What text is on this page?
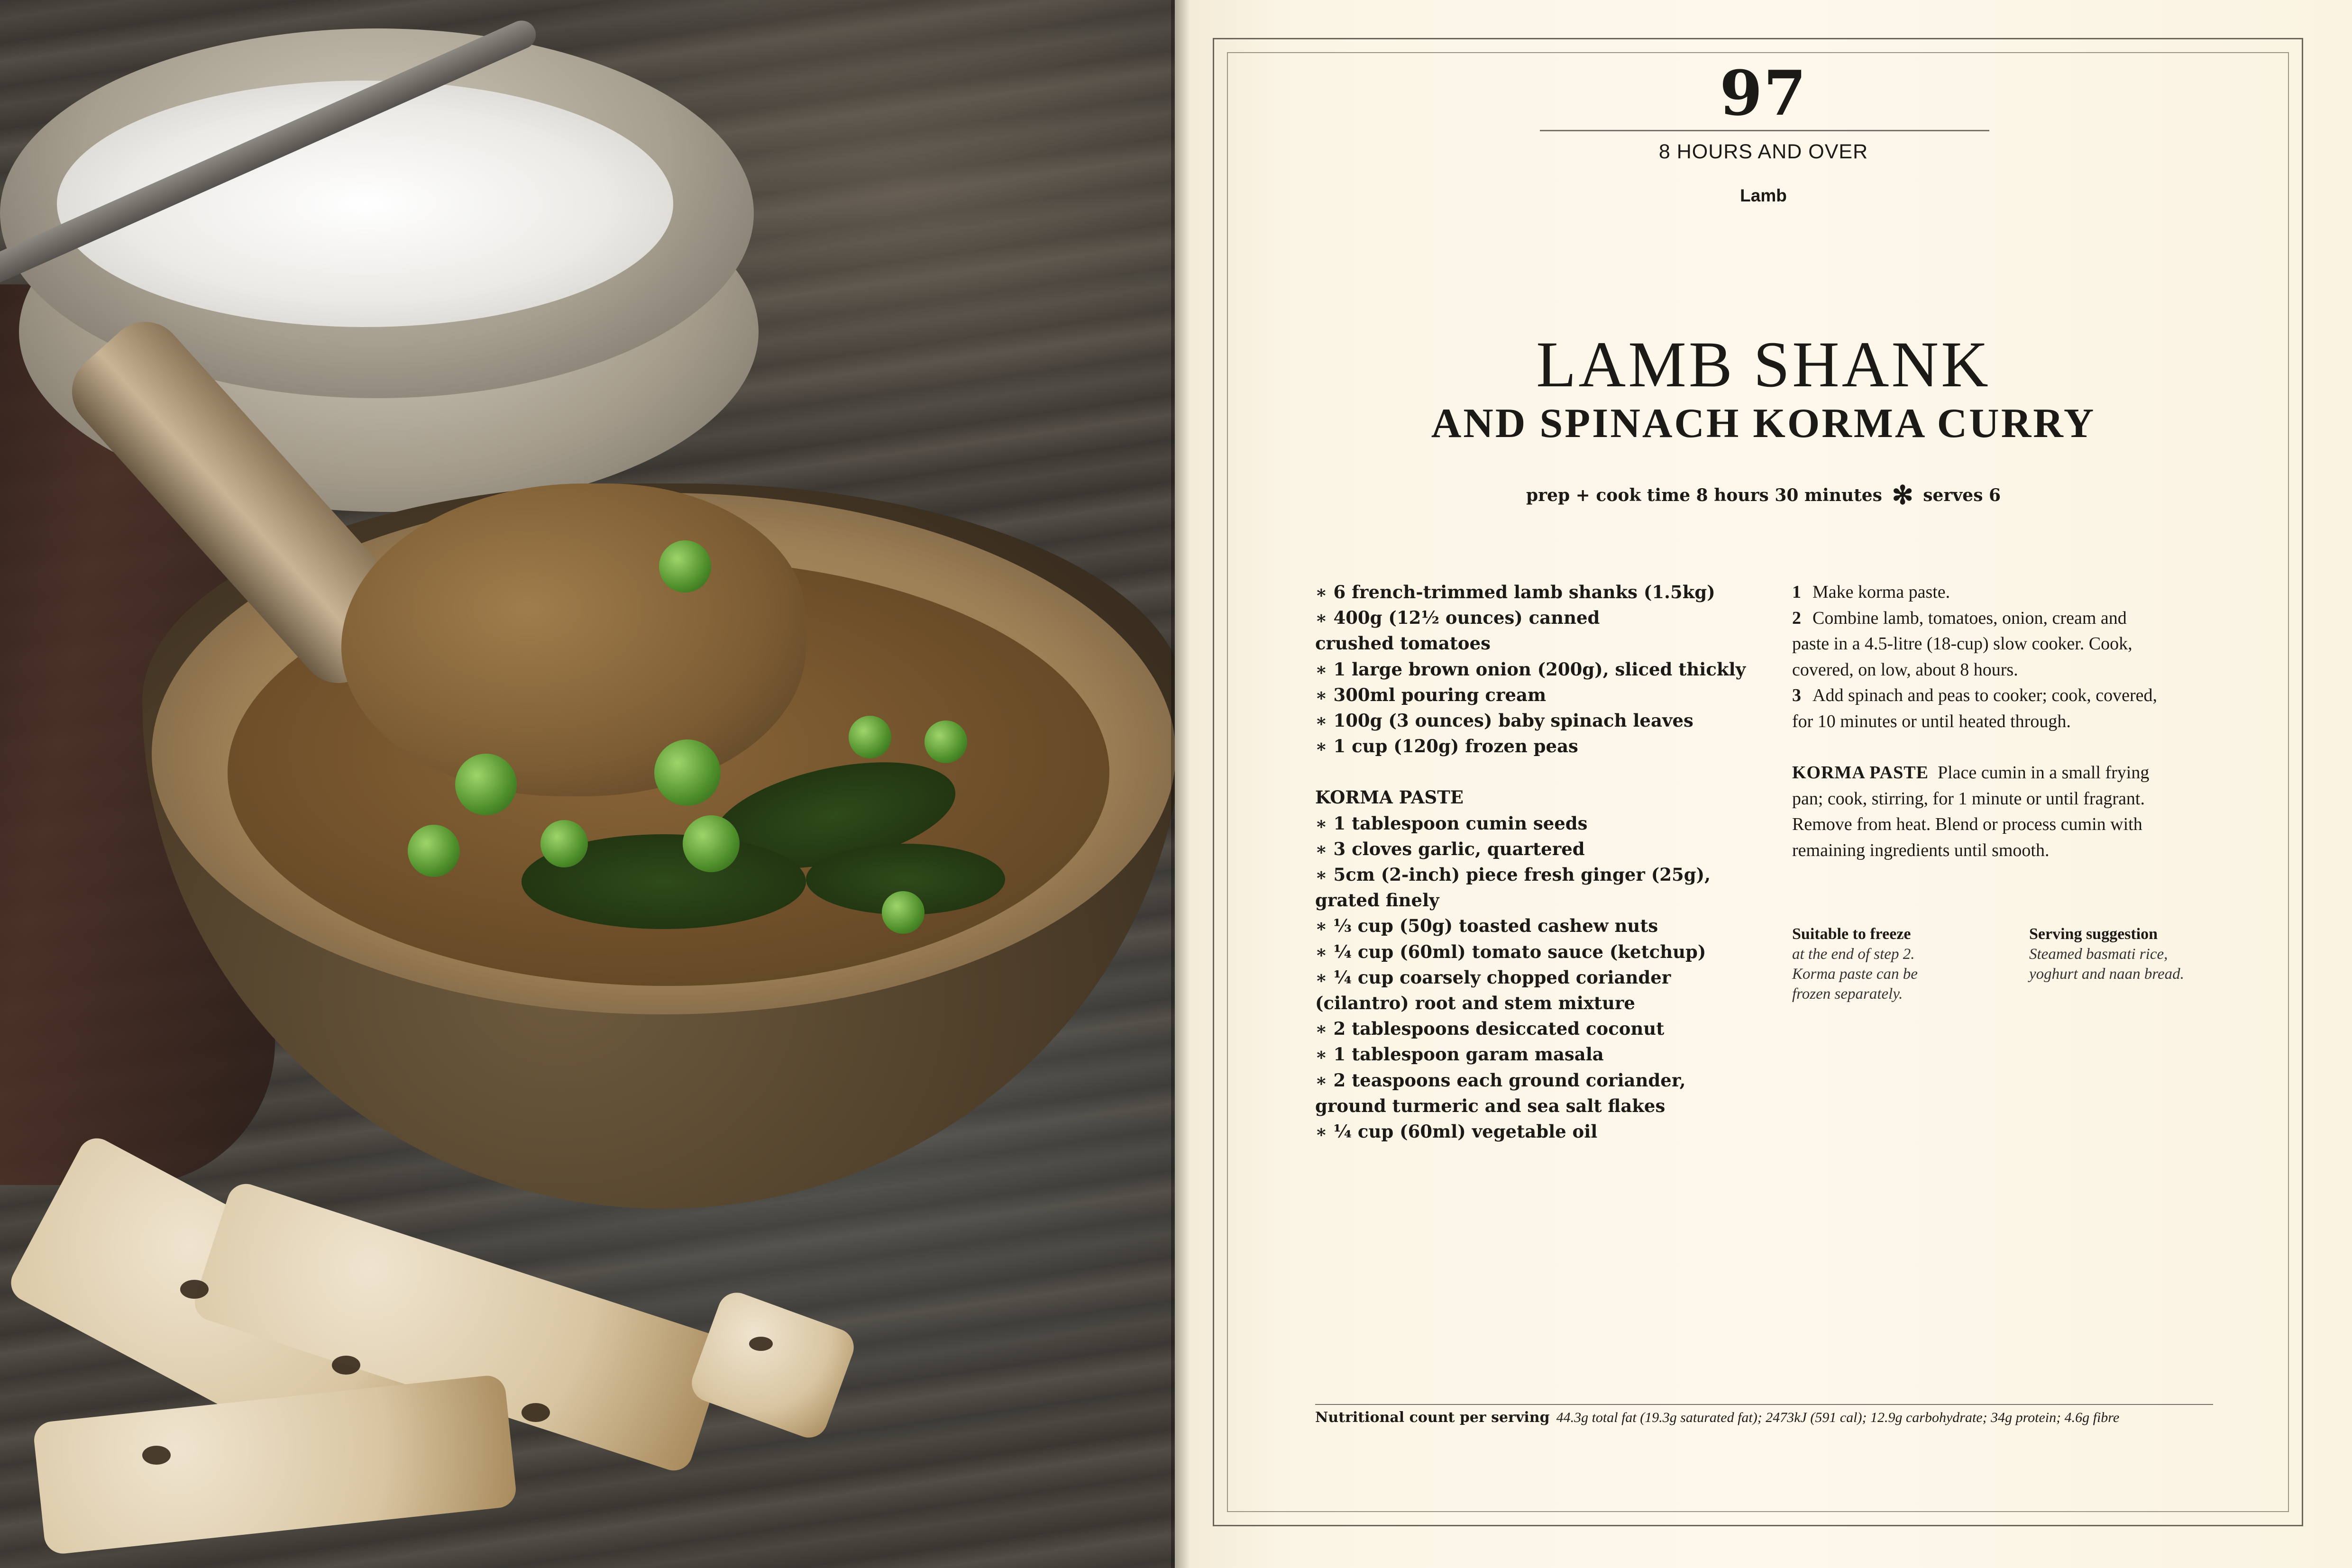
97
8 HOURS AND OVER
Lamb
LAMB SHANK
AND SPINACH KORMA CURRY
prep + cook time 8 hours 30 minutes ✻ serves 6
∗ 6 french-trimmed lamb shanks (1.5kg)
∗ 400g (12½ ounces) canned
crushed tomatoes
∗ 1 large brown onion (200g), sliced thickly
∗ 300ml pouring cream
∗ 100g (3 ounces) baby spinach leaves
∗ 1 cup (120g) frozen peas
KORMA PASTE
∗ 1 tablespoon cumin seeds
∗ 3 cloves garlic, quartered
∗ 5cm (2-inch) piece fresh ginger (25g),
grated finely
∗ ⅓ cup (50g) toasted cashew nuts
∗ ¼ cup (60ml) tomato sauce (ketchup)
∗ ¼ cup coarsely chopped coriander
(cilantro) root and stem mixture
∗ 2 tablespoons desiccated coconut
∗ 1 tablespoon garam masala
∗ 2 teaspoons each ground coriander,
ground turmeric and sea salt flakes
∗ ¼ cup (60ml) vegetable oil
1 Make korma paste.
2 Combine lamb, tomatoes, onion, cream and
paste in a 4.5-litre (18-cup) slow cooker. Cook,
covered, on low, about 8 hours.
3 Add spinach and peas to cooker; cook, covered,
for 10 minutes or until heated through.
KORMA PASTE Place cumin in a small frying
pan; cook, stirring, for 1 minute or until fragrant.
Remove from heat. Blend or process cumin with
remaining ingredients until smooth.
Suitable to freeze
at the end of step 2.
Korma paste can be
frozen separately.
Serving suggestion
Steamed basmati rice,
yoghurt and naan bread.
Nutritional count per serving 44.3g total fat (19.3g saturated fat); 2473kJ (591 cal); 12.9g carbohydrate; 34g protein; 4.6g fibre
